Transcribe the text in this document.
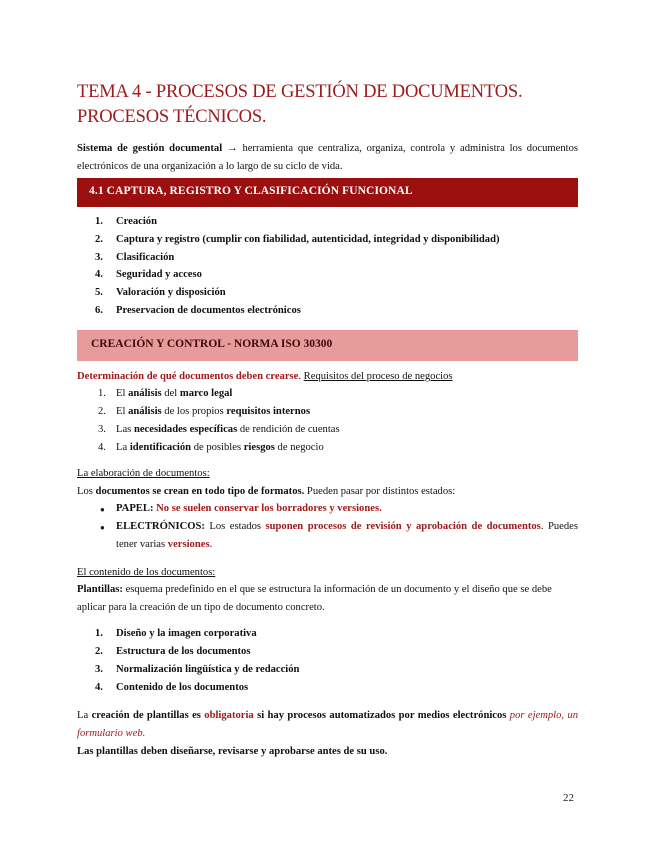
TEMA 4 - PROCESOS DE GESTIÓN DE DOCUMENTOS.
PROCESOS TÉCNICOS.
Sistema de gestión documental → herramienta que centraliza, organiza, controla y administra los documentos electrónicos de una organización a lo largo de su ciclo de vida.
4.1 CAPTURA, REGISTRO Y CLASIFICACIÓN FUNCIONAL
1. Creación
2. Captura y registro (cumplir con fiabilidad, autenticidad, integridad y disponibilidad)
3. Clasificación
4. Seguridad y acceso
5. Valoración y disposición
6. Preservacion de documentos electrónicos
CREACIÓN Y CONTROL - NORMA ISO 30300
Determinación de qué documentos deben crearse. Requisitos del proceso de negocios
1. El análisis del marco legal
2. El análisis de los propios requisitos internos
3. Las necesidades específicas de rendición de cuentas
4. La identificación de posibles riesgos de negocio
La elaboración de documentos:
Los documentos se crean en todo tipo de formatos. Pueden pasar por distintos estados:
● PAPEL: No se suelen conservar los borradores y versiones.
● ELECTRÓNICOS: Los estados suponen procesos de revisión y aprobación de documentos. Puedes tener varias versiones.
El contenido de los documentos:
Plantillas: esquema predefinido en el que se estructura la información de un documento y el diseño que se debe aplicar para la creación de un tipo de documento concreto.
1. Diseño y la imagen corporativa
2. Estructura de los documentos
3. Normalización lingüística y de redacción
4. Contenido de los documentos
La creación de plantillas es obligatoria si hay procesos automatizados por medios electrónicos por ejemplo, un formulario web.
Las plantillas deben diseñarse, revisarse y aprobarse antes de su uso.
22
